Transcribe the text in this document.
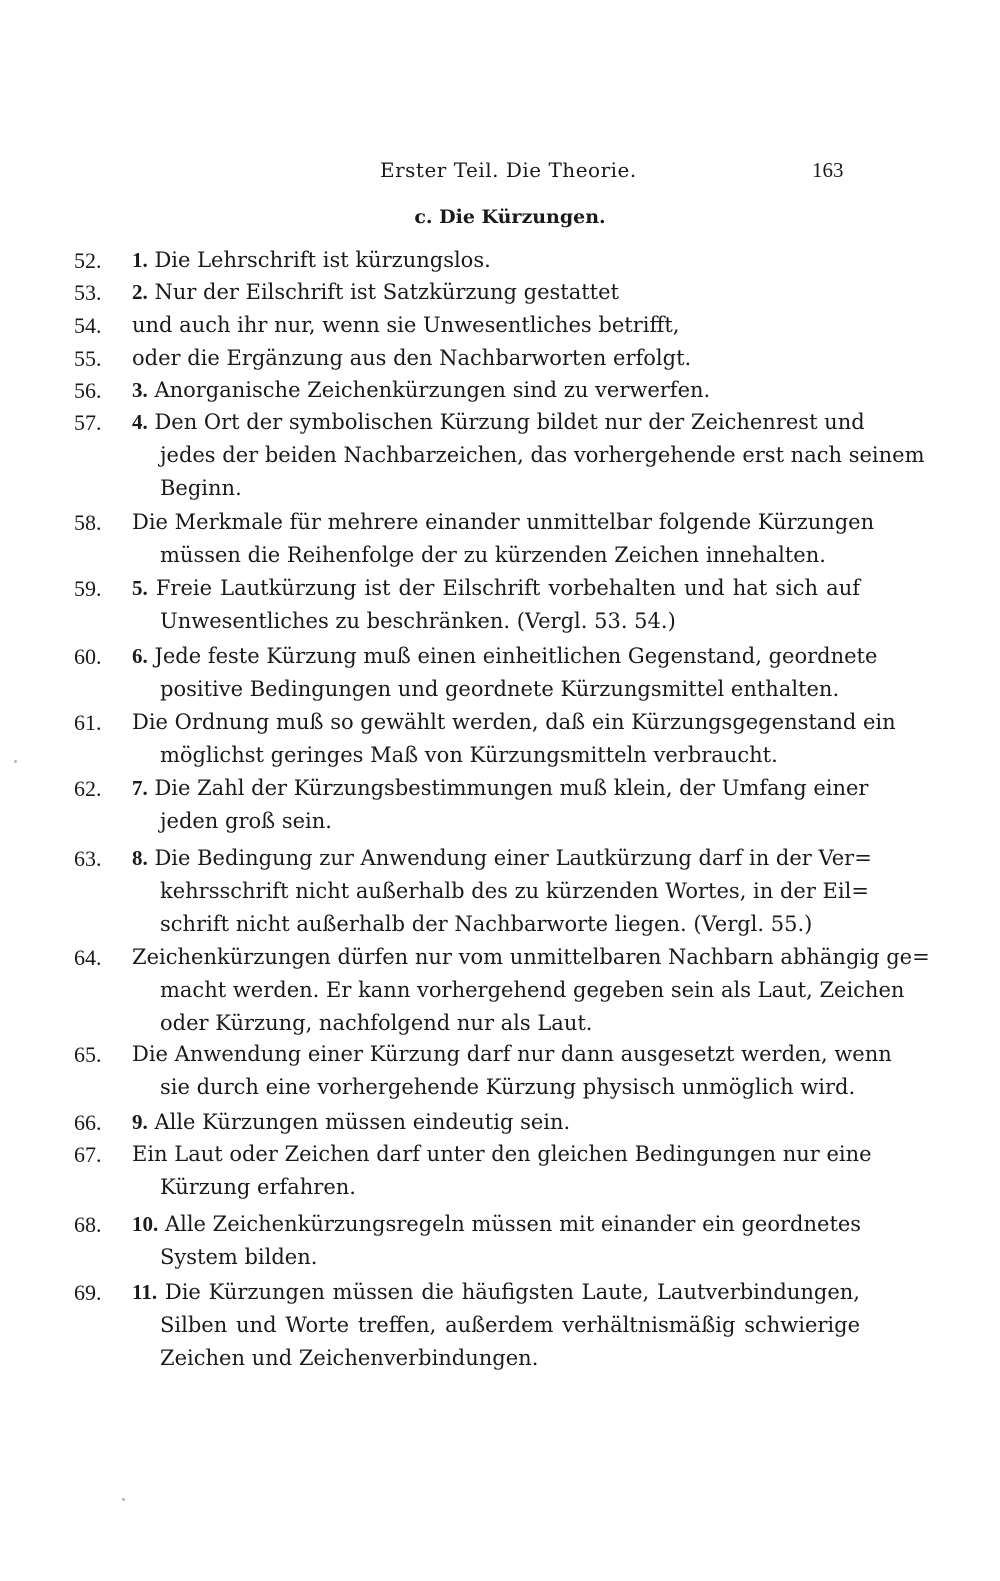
Erster Teil. Die Theorie.	163
c. Die Kürzungen.
52.	1. Die Lehrschrift ist kürzungslos.
53.	2. Nur der Eilschrift ist Satzkürzung gestattet
54.	und auch ihr nur, wenn sie Unwesentliches betrifft,
55.	oder die Ergänzung aus den Nachbarworten erfolgt.
56.	3. Anorganische Zeichenkürzungen sind zu verwerfen.
57.	4. Den Ort der symbolischen Kürzung bildet nur der Zeichenrest und
jedes der beiden Nachbarzeichen, das vorhergehende erst nach seinem
Beginn.
58.	Die Merkmale für mehrere einander unmittelbar folgende Kürzungen
müssen die Reihenfolge der zu kürzenden Zeichen innehalten.
59.	5. Freie Lautkürzung ist der Eilschrift vorbehalten und hat sich auf
Unwesentliches zu beschränken. (Vergl. 53. 54.)
60.	6. Jede feste Kürzung muß einen einheitlichen Gegenstand, geordnete
positive Bedingungen und geordnete Kürzungsmittel enthalten.
61.	Die Ordnung muß so gewählt werden, daß ein Kürzungsgegenstand ein
möglichst geringes Maß von Kürzungsmitteln verbraucht.
62.	7. Die Zahl der Kürzungsbestimmungen muß klein, der Umfang einer
jeden groß sein.
63.	8. Die Bedingung zur Anwendung einer Lautkürzung darf in der Ver=
kehrsschrift nicht außerhalb des zu kürzenden Wortes, in der Eil=
schrift nicht außerhalb der Nachbarworte liegen. (Vergl. 55.)
64.	Zeichenkürzungen dürfen nur vom unmittelbaren Nachbarn abhängig ge=
macht werden. Er kann vorhergehend gegeben sein als Laut, Zeichen
oder Kürzung, nachfolgend nur als Laut.
65.	Die Anwendung einer Kürzung darf nur dann ausgesetzt werden, wenn
sie durch eine vorhergehende Kürzung physisch unmöglich wird.
66.	9. Alle Kürzungen müssen eindeutig sein.
67.	Ein Laut oder Zeichen darf unter den gleichen Bedingungen nur eine
Kürzung erfahren.
68.	10. Alle Zeichenkürzungsregeln müssen mit einander ein geordnetes
System bilden.
69.	11. Die Kürzungen müssen die häufigsten Laute, Lautverbindungen,
Silben und Worte treffen, außerdem verhältnismäßig schwierige
Zeichen und Zeichenverbindungen.
